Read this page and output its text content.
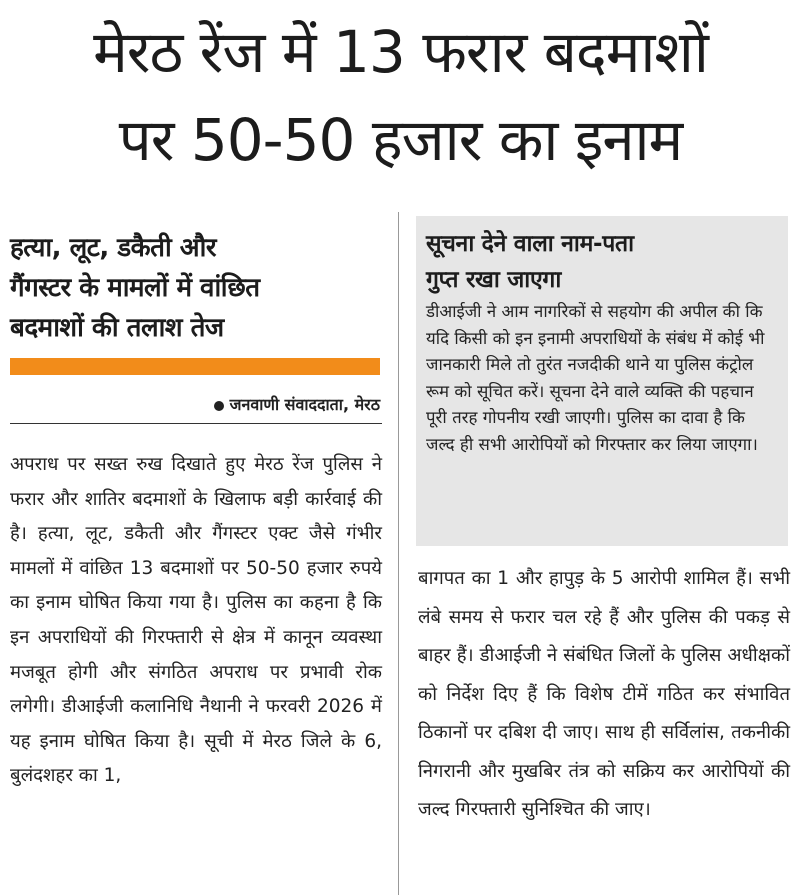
मेरठ रेंज में 13 फरार बदमाशों
पर 50-50 हजार का इनाम
हत्या, लूट, डकैती और
गैंगस्टर के मामलों में वांछित
बदमाशों की तलाश तेज
जनवाणी संवाददाता, मेरठ

अपराध पर सख्त रुख दिखाते हुए मेरठ रेंज पुलिस ने फरार और शातिर बदमाशों के खिलाफ बड़ी कार्रवाई की है। हत्या, लूट, डकैती और गैंगस्टर एक्ट जैसे गंभीर मामलों में वांछित 13 बदमाशों पर 50-50 हजार रुपये का इनाम घोषित किया गया है। पुलिस का कहना है कि इन अपराधियों की गिरफ्तारी से क्षेत्र में कानून व्यवस्था मजबूत होगी और संगठित अपराध पर प्रभावी रोक लगेगी। डीआईजी कलानिधि नैथानी ने फरवरी 2026 में यह इनाम घोषित किया है। सूची में मेरठ जिले के 6, बुलंदशहर का 1,

सूचना देने वाला नाम-पता
गुप्त रखा जाएगा

डीआईजी ने आम नागरिकों से सहयोग की अपील की कि यदि किसी को इन इनामी अपराधियों के संबंध में कोई भी जानकारी मिले तो तुरंत नजदीकी थाने या पुलिस कंट्रोल रूम को सूचित करें। सूचना देने वाले व्यक्ति की पहचान पूरी तरह गोपनीय रखी जाएगी। पुलिस का दावा है कि जल्द ही सभी आरोपियों को गिरफ्तार कर लिया जाएगा।

बागपत का 1 और हापुड़ के 5 आरोपी शामिल हैं। सभी लंबे समय से फरार चल रहे हैं और पुलिस की पकड़ से बाहर हैं। डीआईजी ने संबंधित जिलों के पुलिस अधीक्षकों को निर्देश दिए हैं कि विशेष टीमें गठित कर संभावित ठिकानों पर दबिश दी जाए। साथ ही सर्विलांस, तकनीकी निगरानी और मुखबिर तंत्र को सक्रिय कर आरोपियों की जल्द गिरफ्तारी सुनिश्चित की जाए।
